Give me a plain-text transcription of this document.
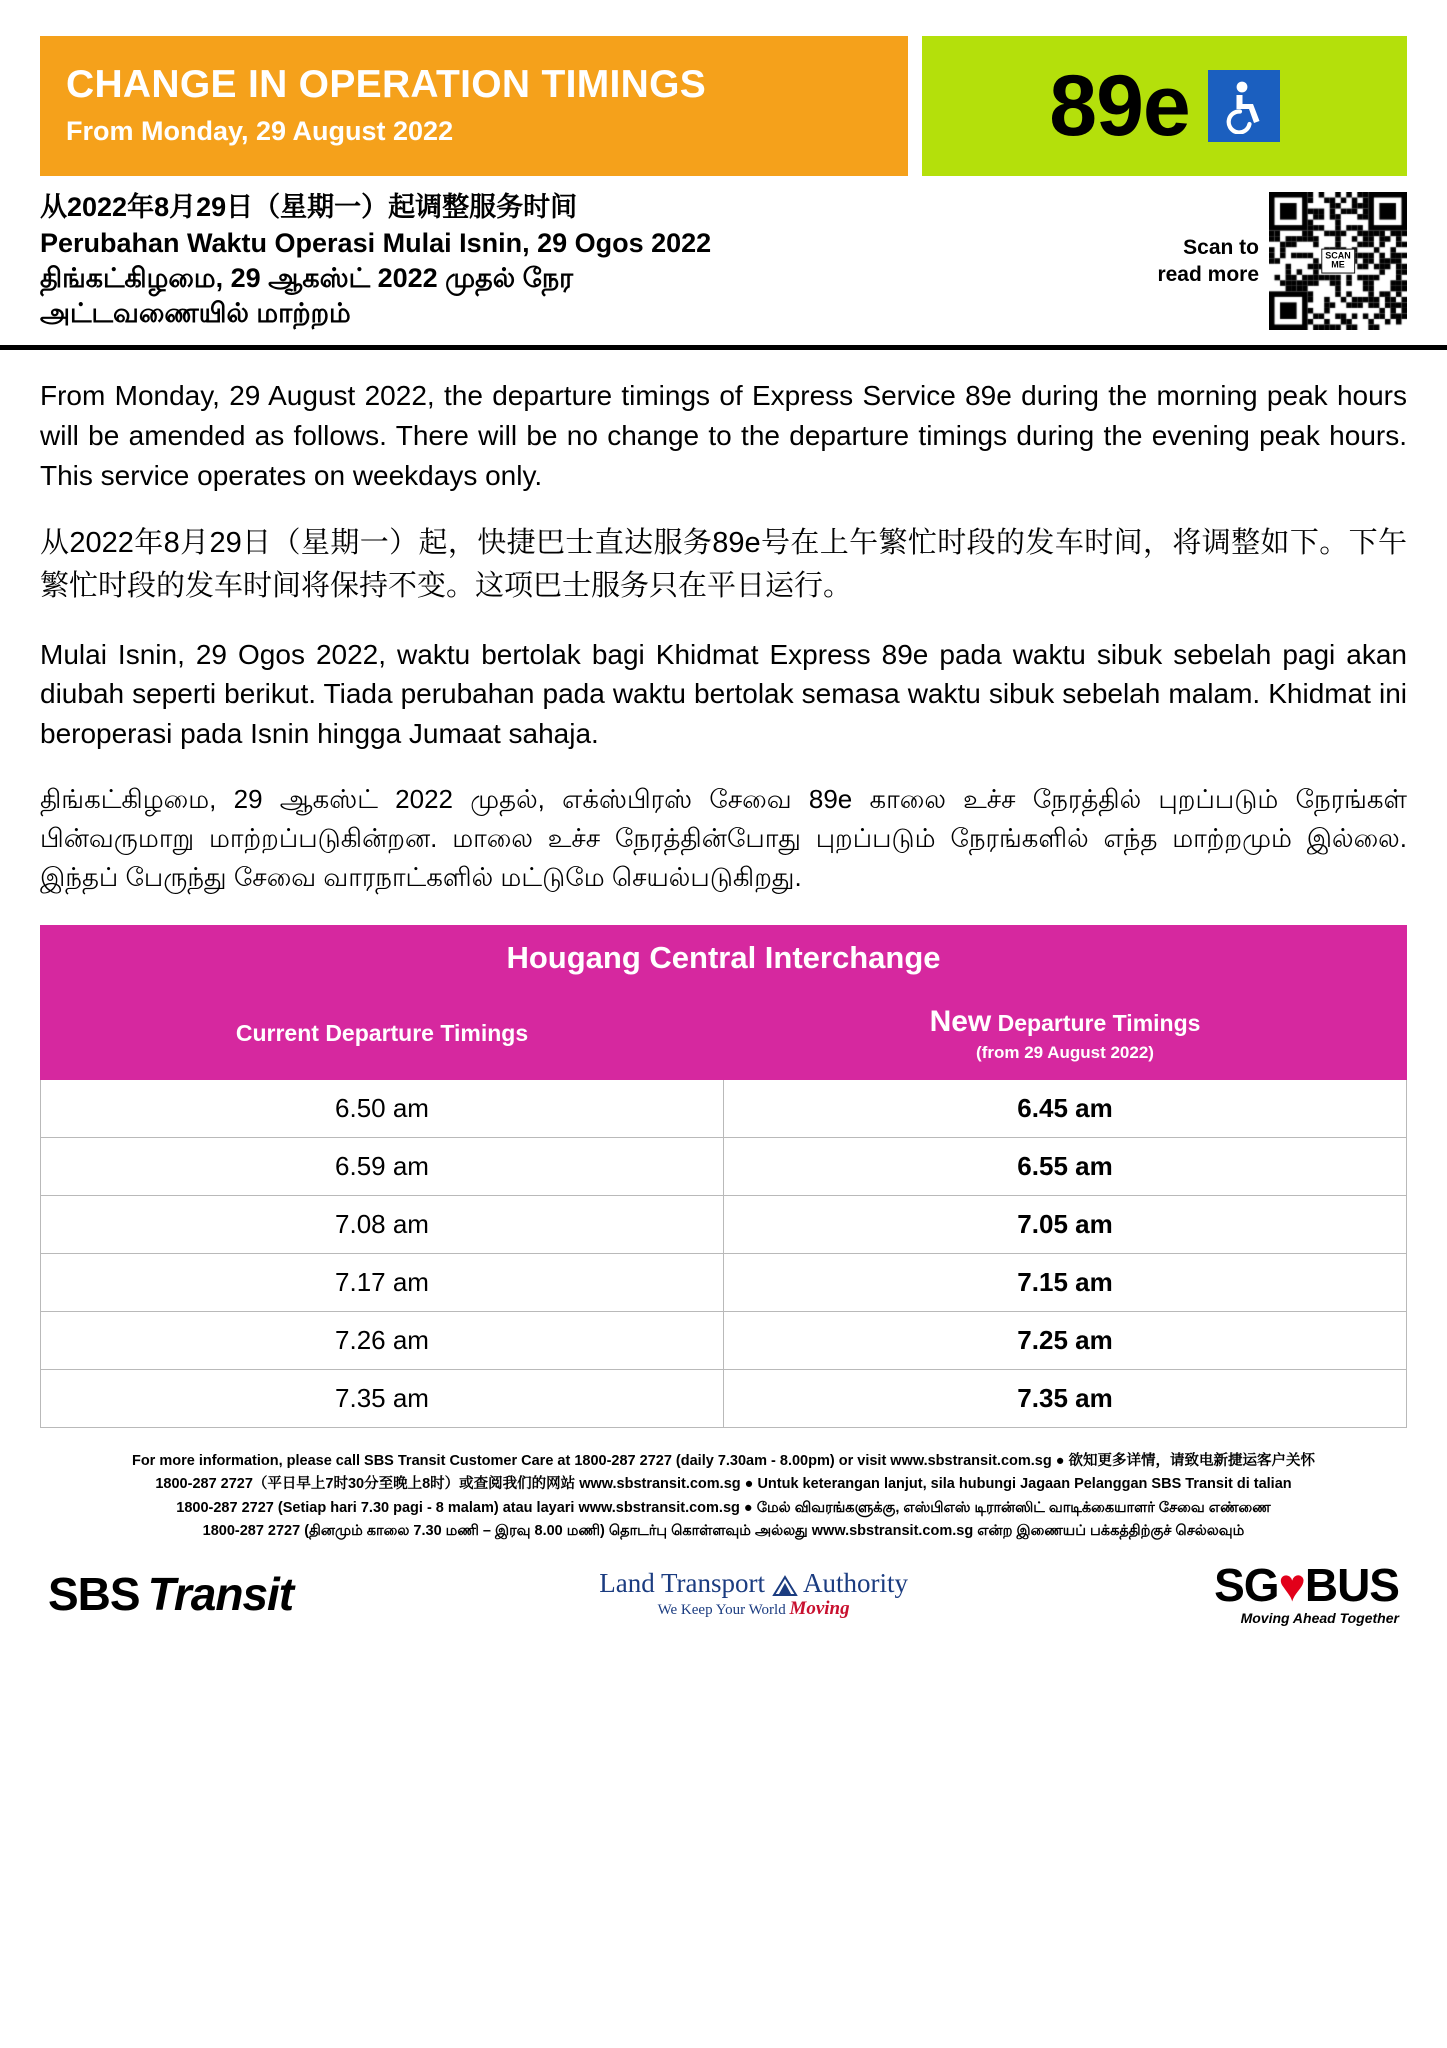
CHANGE IN OPERATION TIMINGS
From Monday, 29 August 2022	89e
从2022年8月29日（星期一）起调整服务时间
Perubahan Waktu Operasi Mulai Isnin, 29 Ogos 2022
திங்கட்கிழமை, 29 ஆகஸ்ட் 2022 முதல் நேர
அட்டவணையில் மாற்றம்
Scan to
read more
SCAN
ME

From Monday, 29 August 2022, the departure timings of Express Service 89e during the morning peak hours will be amended as follows. There will be no change to the departure timings during the evening peak hours. This service operates on weekdays only.

从2022年8月29日（星期一）起，快捷巴士直达服务89e号在上午繁忙时段的发车时间，将调整如下。下午繁忙时段的发车时间将保持不变。这项巴士服务只在平日运行。

Mulai Isnin, 29 Ogos 2022, waktu bertolak bagi Khidmat Express 89e pada waktu sibuk sebelah pagi akan diubah seperti berikut. Tiada perubahan pada waktu bertolak semasa waktu sibuk sebelah malam. Khidmat ini beroperasi pada Isnin hingga Jumaat sahaja.

திங்கட்கிழமை, 29 ஆகஸ்ட் 2022 முதல், எக்ஸ்பிரஸ் சேவை 89e காலை உச்ச நேரத்தில் புறப்படும் நேரங்கள் பின்வருமாறு மாற்றப்படுகின்றன. மாலை உச்ச நேரத்தின்போது புறப்படும் நேரங்களில் எந்த மாற்றமும் இல்லை. இந்தப் பேருந்து சேவை வாரநாட்களில் மட்டுமே செயல்படுகிறது.

Hougang Central Interchange	
Current Departure Timings	New Departure Timings
(from 29 August 2022)

6.50 am	6.45 am
6.59 am	6.55 am
7.08 am	7.05 am
7.17 am	7.15 am
7.26 am	7.25 am
7.35 am	7.35 am
For more information, please call SBS Transit Customer Care at 1800-287 2727 (daily 7.30am - 8.00pm) or visit www.sbstransit.com.sg ● 欲知更多详情，请致电新捷运客户关怀
1800-287 2727（平日早上7时30分至晚上8时）或查阅我们的网站 www.sbstransit.com.sg ● Untuk keterangan lanjut, sila hubungi Jagaan Pelanggan SBS Transit di talian
1800-287 2727 (Setiap hari 7.30 pagi - 8 malam) atau layari www.sbstransit.com.sg ● மேல் விவரங்களுக்கு, எஸ்பிஎஸ் டிரான்ஸிட் வாடிக்கையாளர் சேவை எண்ணை
1800-287 2727 (தினமும் காலை 7.30 மணி – இரவு 8.00 மணி) தொடர்பு கொள்ளவும் அல்லது www.sbstransit.com.sg என்ற இணையப் பக்கத்திற்குச் செல்லவும்
SBS Transit	Land Transport Authority
We Keep Your World Moving	SG♥BUS
Moving Ahead Together
